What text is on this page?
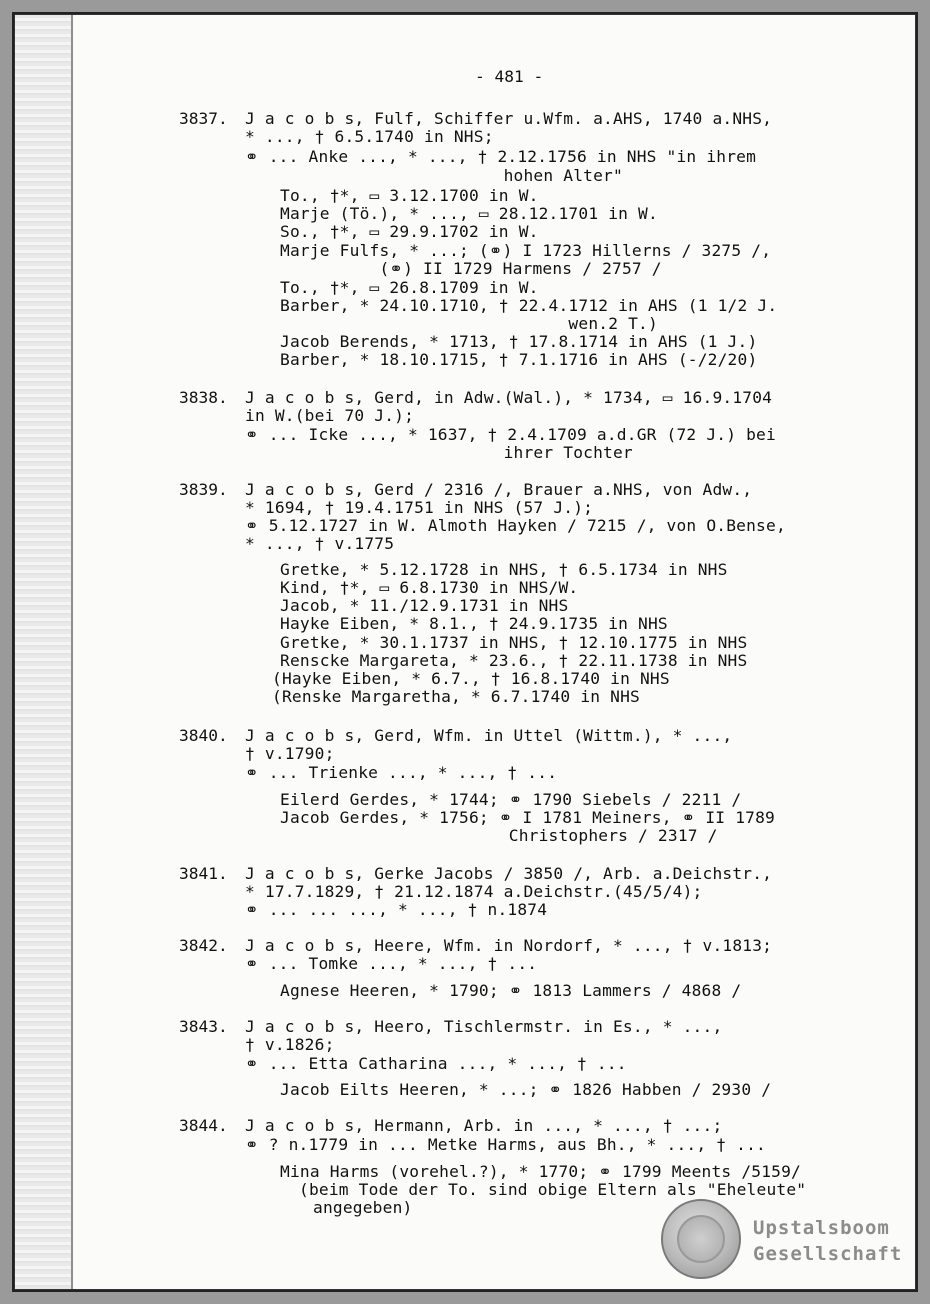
- 481 -
3837. J a c o b s, Fulf, Schiffer u.Wfm. a.AHS, 1740 a.NHS,
* ..., † 6.5.1740 in NHS;
⚭ ... Anke ..., * ..., † 2.12.1756 in NHS "in ihrem
hohen Alter"
To., †*, ▭ 3.12.1700 in W.
Marje (Tö.), * ..., ▭ 28.12.1701 in W.
So., †*, ▭ 29.9.1702 in W.
Marje Fulfs, * ...; (⚭) I 1723 Hillerns / 3275 /,
(⚭) II 1729 Harmens / 2757 /
To., †*, ▭ 26.8.1709 in W.
Barber, * 24.10.1710, † 22.4.1712 in AHS (1 1/2 J.
wen.2 T.)
Jacob Berends, * 1713, † 17.8.1714 in AHS (1 J.)
Barber, * 18.10.1715, † 7.1.1716 in AHS (-/2/20)
3838. J a c o b s, Gerd, in Adw.(Wal.), * 1734, ▭ 16.9.1704
in W.(bei 70 J.);
⚭ ... Icke ..., * 1637, † 2.4.1709 a.d.GR (72 J.) bei
ihrer Tochter
3839. J a c o b s, Gerd / 2316 /, Brauer a.NHS, von Adw.,
* 1694, † 19.4.1751 in NHS (57 J.);
⚭ 5.12.1727 in W. Almoth Hayken / 7215 /, von O.Bense,
* ..., † v.1775
Gretke, * 5.12.1728 in NHS, † 6.5.1734 in NHS
Kind, †*, ▭ 6.8.1730 in NHS/W.
Jacob, * 11./12.9.1731 in NHS
Hayke Eiben, * 8.1., † 24.9.1735 in NHS
Gretke, * 30.1.1737 in NHS, † 12.10.1775 in NHS
Renscke Margareta, * 23.6., † 22.11.1738 in NHS
(Hayke Eiben, * 6.7., † 16.8.1740 in NHS
(Renske Margaretha, * 6.7.1740 in NHS
3840. J a c o b s, Gerd, Wfm. in Uttel (Wittm.), * ...,
† v.1790;
⚭ ... Trienke ..., * ..., † ...
Eilerd Gerdes, * 1744; ⚭ 1790 Siebels / 2211 /
Jacob Gerdes, * 1756; ⚭ I 1781 Meiners, ⚭ II 1789
Christophers / 2317 /
3841. J a c o b s, Gerke Jacobs / 3850 /, Arb. a.Deichstr.,
* 17.7.1829, † 21.12.1874 a.Deichstr.(45/5/4);
⚭ ... ... ..., * ..., † n.1874
3842. J a c o b s, Heere, Wfm. in Nordorf, * ..., † v.1813;
⚭ ... Tomke ..., * ..., † ...
Agnese Heeren, * 1790; ⚭ 1813 Lammers / 4868 /
3843. J a c o b s, Heero, Tischlermstr. in Es., * ...,
† v.1826;
⚭ ... Etta Catharina ..., * ..., † ...
Jacob Eilts Heeren, * ...; ⚭ 1826 Habben / 2930 /
3844. J a c o b s, Hermann, Arb. in ..., * ..., † ...;
⚭ ? n.1779 in ... Metke Harms, aus Bh., * ..., † ...
Mina Harms (vorehel.?), * 1770; ⚭ 1799 Meents /5159/
(beim Tode der To. sind obige Eltern als "Eheleute"
angegeben)
Upstalsboom
Gesellschaft
